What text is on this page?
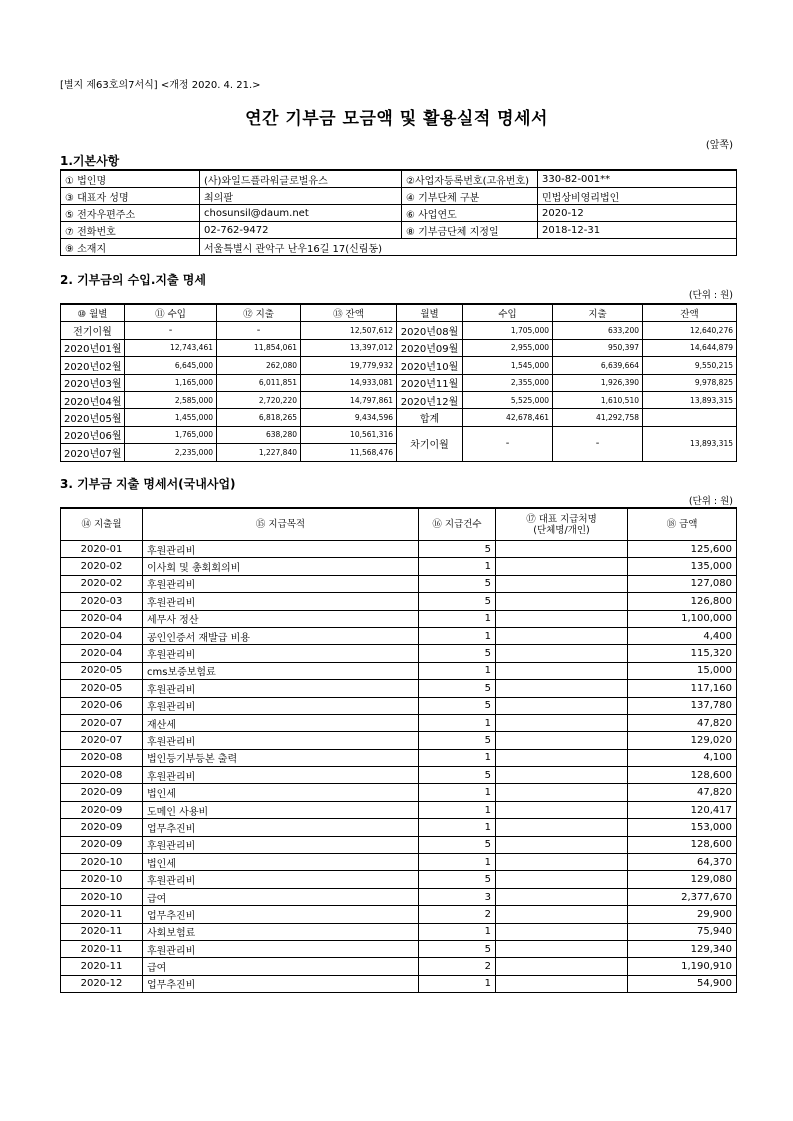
[별지 제63호의7서식] <개정 2020. 4. 21.>
연간 기부금 모금액 및 활용실적 명세서
(앞쪽)
1.기본사항
① 법인명	(사)와일드플라워글로벌유스	②사업자등록번호(고유번호)	330-82-001**
③ 대표자 성명	최의팔	④ 기부단체 구분	민법상비영리법인
⑤ 전자우편주소	chosunsil@daum.net	⑥ 사업연도	2020-12
⑦ 전화번호	02-762-9472	⑧ 기부금단체 지정일	2018-12-31
⑨ 소재지	서울특별시 관악구 난우16길 17(신림동)		
2. 기부금의 수입.지출 명세
(단위 : 원)
⑩ 월별	⑪ 수입	⑫ 지출	⑬ 잔액	월별	수입	지출	잔액
전기이월	-	-	12,507,612	2020년08월	1,705,000	633,200	12,640,276
2020년01월	12,743,461	11,854,061	13,397,012	2020년09월	2,955,000	950,397	14,644,879
2020년02월	6,645,000	262,080	19,779,932	2020년10월	1,545,000	6,639,664	9,550,215
2020년03월	1,165,000	6,011,851	14,933,081	2020년11월	2,355,000	1,926,390	9,978,825
2020년04월	2,585,000	2,720,220	14,797,861	2020년12월	5,525,000	1,610,510	13,893,315
2020년05월	1,455,000	6,818,265	9,434,596	합계	42,678,461	41,292,758	
2020년06월	1,765,000	638,280	10,561,316	차기이월	-	-	13,893,315
2020년07월	2,235,000	1,227,840	11,568,476				
3. 기부금 지출 명세서(국내사업)
(단위 : 원)
⑭ 지출월	⑮ 지급목적	⑯ 지급건수	⑰ 대표 지급처명
(단체명/개인)	⑱ 금액
2020-01	후원관리비	5		125,600
2020-02	이사회 및 총회회의비	1		135,000
2020-02	후원관리비	5		127,080
2020-03	후원관리비	5		126,800
2020-04	세무사 정산	1		1,100,000
2020-04	공인인증서 재발급 비용	1		4,400
2020-04	후원관리비	5		115,320
2020-05	cms보증보험료	1		15,000
2020-05	후원관리비	5		117,160
2020-06	후원관리비	5		137,780
2020-07	재산세	1		47,820
2020-07	후원관리비	5		129,020
2020-08	법인등기부등본 출력	1		4,100
2020-08	후원관리비	5		128,600
2020-09	법인세	1		47,820
2020-09	도메인 사용비	1		120,417
2020-09	업무추진비	1		153,000
2020-09	후원관리비	5		128,600
2020-10	법인세	1		64,370
2020-10	후원관리비	5		129,080
2020-10	급여	3		2,377,670
2020-11	업무추진비	2		29,900
2020-11	사회보험료	1		75,940
2020-11	후원관리비	5		129,340
2020-11	급여	2		1,190,910
2020-12	업무추진비	1		54,900
